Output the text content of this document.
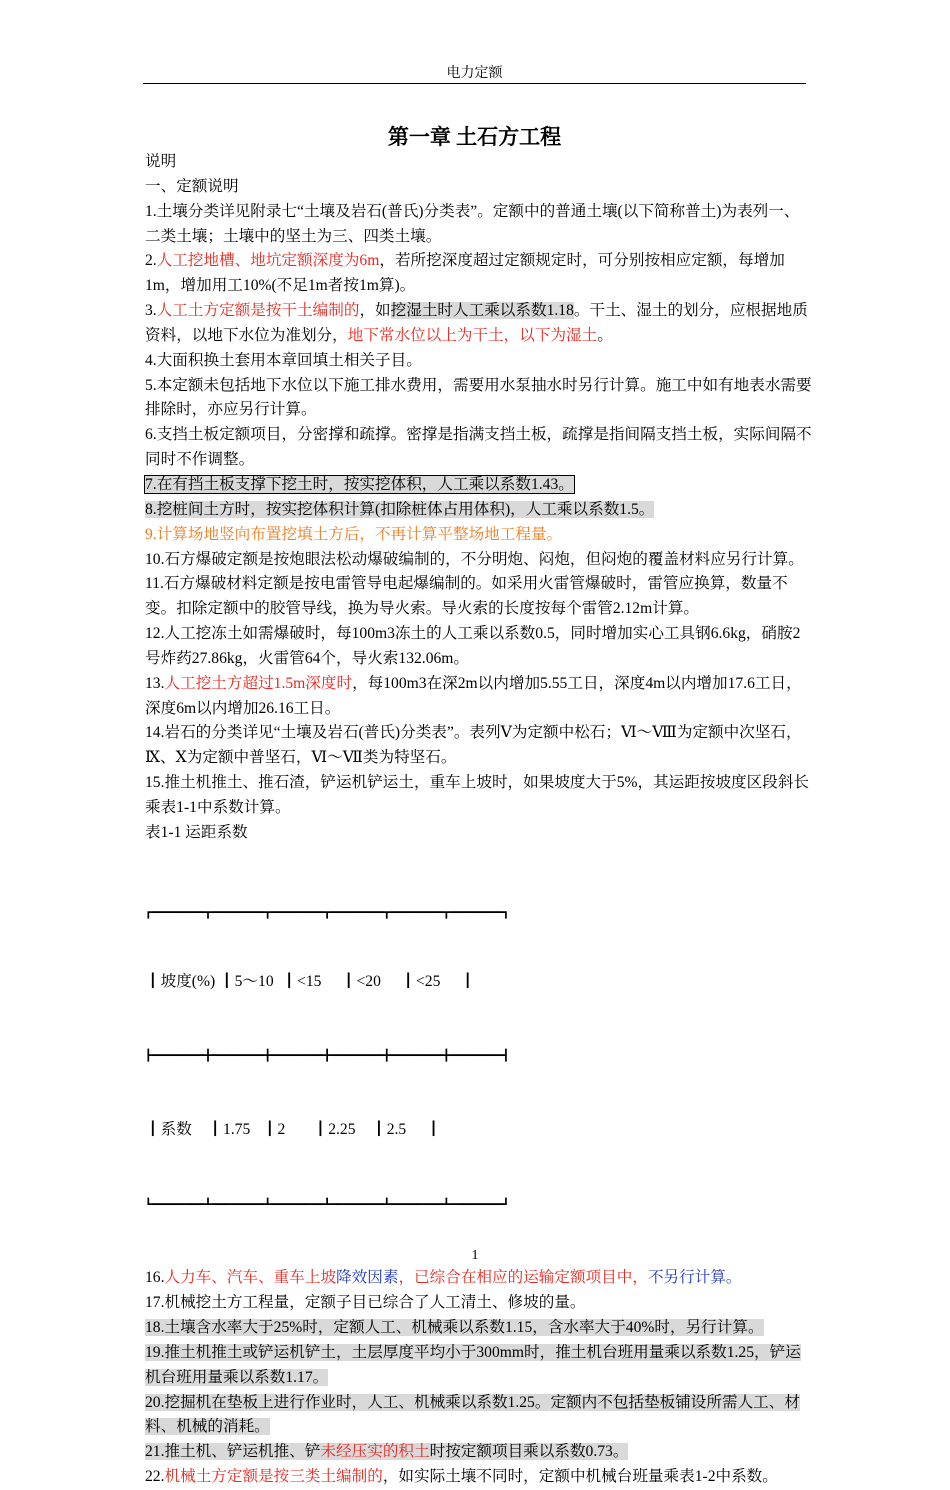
电力定额
第一章 土石方工程

说明

一、定额说明

1.土壤分类详见附录七“土壤及岩石(普氏)分类表”。定额中的普通土壤(以下简称普土)为表列一、二类土壤；土壤中的坚土为三、四类土壤。

2.人工挖地槽、地坑定额深度为6m，若所挖深度超过定额规定时，可分别按相应定额，每增加1m，增加用工10%(不足1m者按1m算)。

3.人工土方定额是按干土编制的，如挖湿土时人工乘以系数1.18。干土、湿土的划分，应根据地质资料，以地下水位为准划分，地下常水位以上为干土，以下为湿土。

4.大面积换土套用本章回填土相关子目。

5.本定额未包括地下水位以下施工排水费用，需要用水泵抽水时另行计算。施工中如有地表水需要排除时，亦应另行计算。

6.支挡土板定额项目，分密撑和疏撑。密撑是指满支挡土板，疏撑是指间隔支挡土板，实际间隔不同时不作调整。

7.在有挡土板支撑下挖土时，按实挖体积，人工乘以系数1.43。

8.挖桩间土方时，按实挖体积计算(扣除桩体占用体积)，人工乘以系数1.5。

9.计算场地竖向布置挖填土方后，不再计算平整场地工程量。

10.石方爆破定额是按炮眼法松动爆破编制的，不分明炮、闷炮，但闷炮的覆盖材料应另行计算。

11.石方爆破材料定额是按电雷管导电起爆编制的。如采用火雷管爆破时，雷管应换算，数量不变。扣除定额中的胶管导线，换为导火索。导火索的长度按每个雷管2.12m计算。

12.人工挖冻土如需爆破时，每100m3冻土的人工乘以系数0.5，同时增加实心工具钢6.6kg，硝胺2号炸药27.86kg，火雷管64个，导火索132.06m。

13.人工挖土方超过1.5m深度时，每100m3在深2m以内增加5.55工日，深度4m以内增加17.6工日，深度6m以内增加26.16工日。

14.岩石的分类详见“土壤及岩石(普氏)分类表”。表列Ⅴ为定额中松石；Ⅵ～Ⅷ为定额中次坚石，Ⅸ、Ⅹ为定额中普坚石，Ⅵ～Ⅶ类为特坚石。

15.推土机推土、推石渣，铲运机铲运土，重车上坡时，如果坡度大于5%，其运距按坡度区段斜长乘表1-1中系数计算。

表1-1 运距系数

┏━━━━━━━━┳━━━━━━━━┳━━━━━━━━┳━━━━━━━━┳━━━━━━━━┳━━━━━━━━┓

┃坡度(%) ┃5～10  ┃<15     ┃<20     ┃<25     ┃

┣━━━━━━━━╋━━━━━━━━╋━━━━━━━━╋━━━━━━━━╋━━━━━━━━╋━━━━━━━━┫

┃系数    ┃1.75   ┃2       ┃2.25    ┃2.5     ┃

┗━━━━━━━━┻━━━━━━━━┻━━━━━━━━┻━━━━━━━━┻━━━━━━━━┻━━━━━━━━┛

16.人力车、汽车、重车上坡降效因素，已综合在相应的运输定额项目中，不另行计算。

17.机械挖土方工程量，定额子目已综合了人工清土、修坡的量。

18.土壤含水率大于25%时，定额人工、机械乘以系数1.15，含水率大于40%时，另行计算。

19.推土机推土或铲运机铲土，土层厚度平均小于300mm时，推土机台班用量乘以系数1.25，铲运机台班用量乘以系数1.17。

20.挖掘机在垫板上进行作业时，人工、机械乘以系数1.25。定额内不包括垫板铺设所需人工、材料、机械的消耗。

21.推土机、铲运机推、铲未经压实的积土时按定额项目乘以系数0.73。

22.机械土方定额是按三类土编制的，如实际土壤不同时，定额中机械台班量乘表1-2中系数。

1
